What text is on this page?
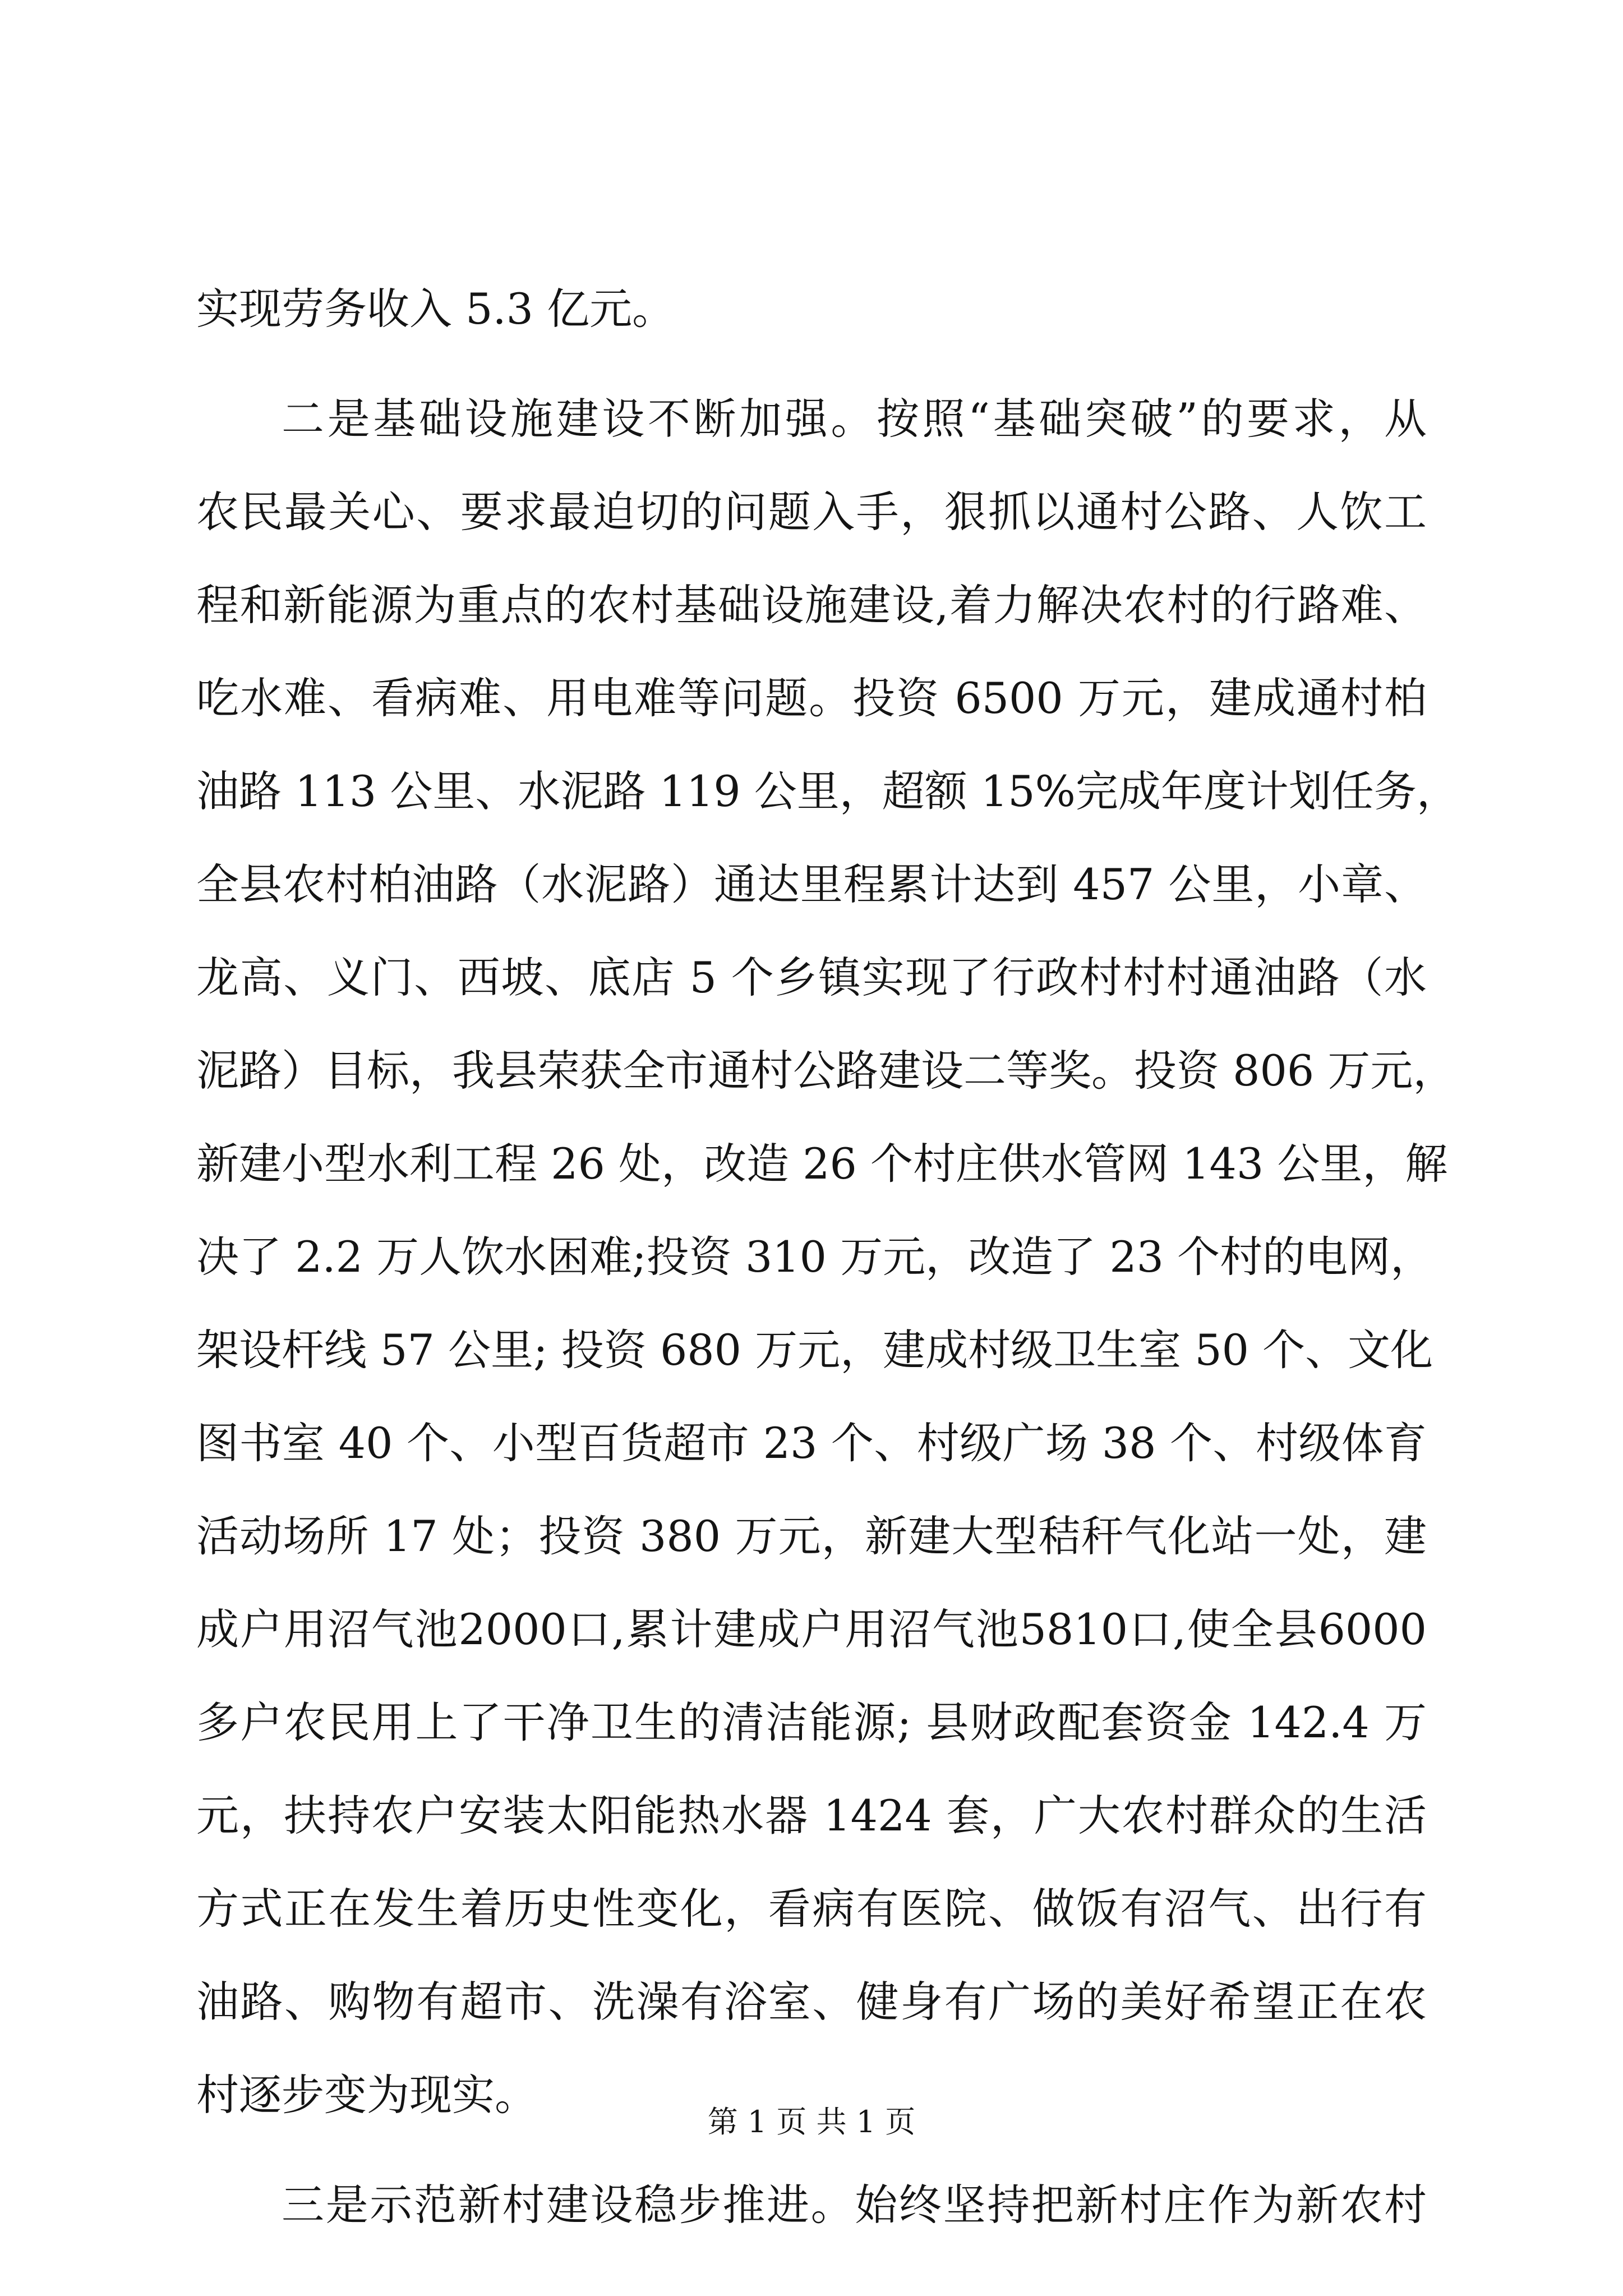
实现劳务收入 5.3 亿元。
二是基础设施建设不断加强。按照“基础突破”的要求，从
农民最关心、要求最迫切的问题入手，狠抓以通村公路、人饮工
程和新能源为重点的农村基础设施建设,着力解决农村的行路难、
吃水难、看病难、用电难等问题。投资 6500 万元，建成通村柏
油路 113 公里、水泥路 119 公里，超额 15%完成年度计划任务，
全县农村柏油路（水泥路）通达里程累计达到 457 公里，小章、
龙高、义门、西坡、底店 5 个乡镇实现了行政村村村通油路（水
泥路）目标，我县荣获全市通村公路建设二等奖。投资 806 万元，
新建小型水利工程 26 处，改造 26 个村庄供水管网 143 公里，解
决了 2.2 万人饮水困难;投资 310 万元，改造了 23 个村的电网，
架设杆线 57 公里; 投资 680 万元，建成村级卫生室 50 个、文化
图书室 40 个、小型百货超市 23 个、村级广场 38 个、村级体育
活动场所 17 处；投资 380 万元，新建大型秸秆气化站一处，建
成户用沼气池2000口,累计建成户用沼气池5810口,使全县6000
多户农民用上了干净卫生的清洁能源; 县财政配套资金 142.4 万
元，扶持农户安装太阳能热水器 1424 套，广大农村群众的生活
方式正在发生着历史性变化，看病有医院、做饭有沼气、出行有
油路、购物有超市、洗澡有浴室、健身有广场的美好希望正在农
村逐步变为现实。
三是示范新村建设稳步推进。始终坚持把新村庄作为新农村
第 1 页 共 1 页
